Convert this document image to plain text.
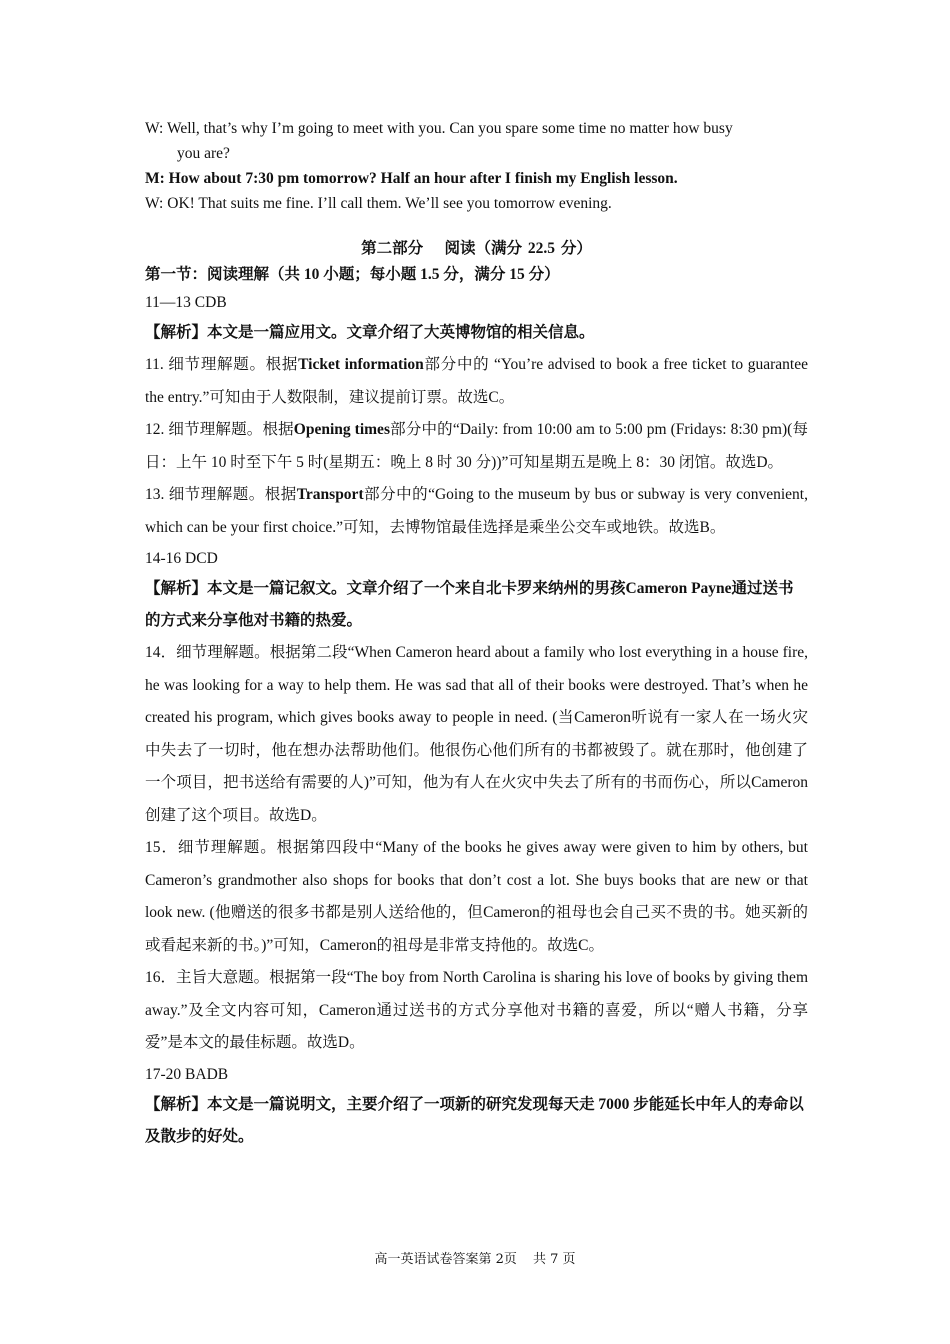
W: Well, that’s why I’m going to meet with you. Can you spare some time no matter how busy
you are?
M: How about 7:30 pm tomorrow? Half an hour after I finish my English lesson.
W: OK! That suits me fine. I’ll call them. We’ll see you tomorrow evening.
第二部分　 阅读（满分 22.5 分）
第一节：阅读理解（共 10 小题；每小题 1.5 分，满分 15 分）
11—13 CDB

【解析】本文是一篇应用文。文章介绍了大英博物馆的相关信息。

11. 细节理解题。根据Ticket information部分中的 “You’re advised to book a free ticket to guarantee the entry.”可知由于人数限制，建议提前订票。故选C。

12. 细节理解题。根据Opening times部分中的“Daily: from 10:00 am to 5:00 pm (Fridays: 8:30 pm)(每日：上午 10 时至下午 5 时(星期五：晚上 8 时 30 分))”可知星期五是晚上 8：30 闭馆。故选D。

13. 细节理解题。根据Transport部分中的“Going to the museum by bus or subway is very convenient, which can be your first choice.”可知，去博物馆最佳选择是乘坐公交车或地铁。故选B。

14-16 DCD

【解析】本文是一篇记叙文。文章介绍了一个来自北卡罗来纳州的男孩Cameron Payne通过送书的方式来分享他对书籍的热爱。

14．细节理解题。根据第二段“When Cameron heard about a family who lost everything in a house fire, he was looking for a way to help them. He was sad that all of their books were destroyed. That’s when he created his program, which gives books away to people in need. (当Cameron听说有一家人在一场火灾中失去了一切时，他在想办法帮助他们。他很伤心他们所有的书都被毁了。就在那时，他创建了一个项目，把书送给有需要的人)”可知，他为有人在火灾中失去了所有的书而伤心，所以Cameron创建了这个项目。故选D。

15．细节理解题。根据第四段中“Many of the books he gives away were given to him by others, but Cameron’s grandmother also shops for books that don’t cost a lot. She buys books that are new or that look new. (他赠送的很多书都是别人送给他的，但Cameron的祖母也会自己买不贵的书。她买新的或看起来新的书。)”可知，Cameron的祖母是非常支持他的。故选C。

16．主旨大意题。根据第一段“The boy from North Carolina is sharing his love of books by giving them away.”及全文内容可知，Cameron通过送书的方式分享他对书籍的喜爱，所以“赠人书籍，分享爱”是本文的最佳标题。故选D。

17-20 BADB

【解析】本文是一篇说明文，主要介绍了一项新的研究发现每天走 7000 步能延长中年人的寿命以及散步的好处。

高一英语试卷答案第 2页 共 7 页
